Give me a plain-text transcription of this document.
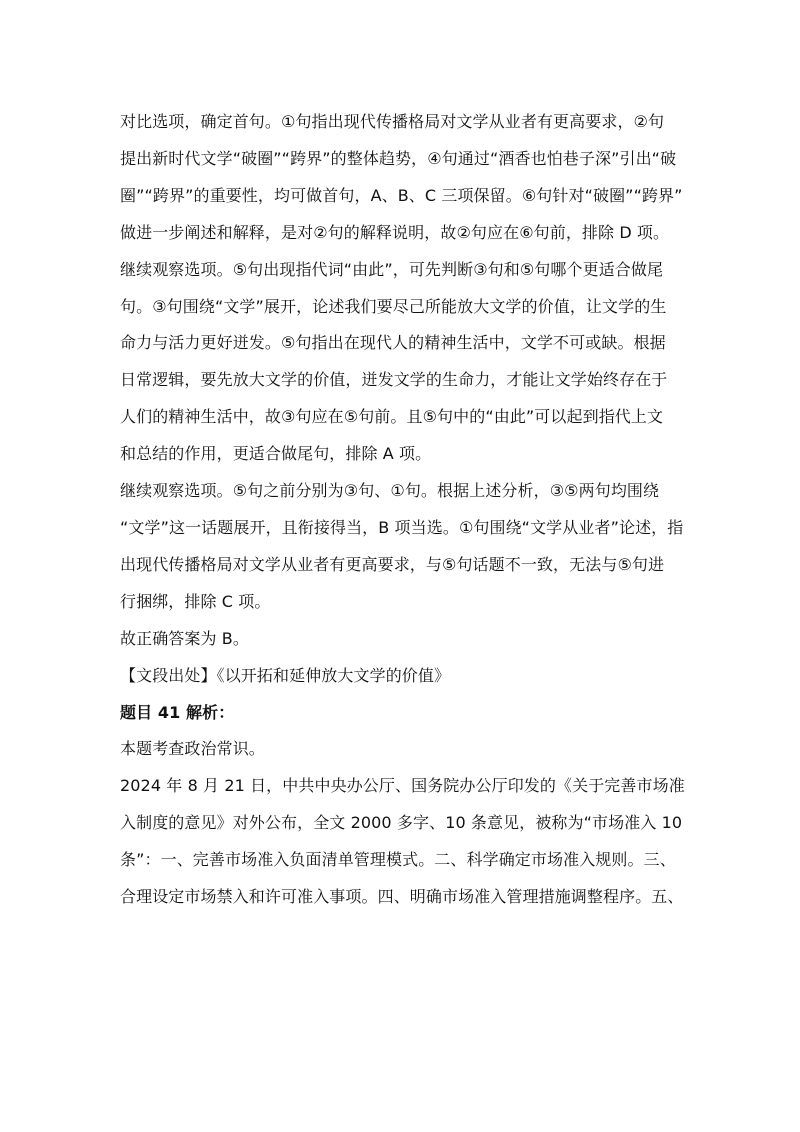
对比选项，确定首句。①句指出现代传播格局对文学从业者有更高要求，②句
提出新时代文学“破圈”“跨界”的整体趋势，④句通过“酒香也怕巷子深”引出“破
圈”“跨界”的重要性，均可做首句，A、B、C 三项保留。⑥句针对“破圈”“跨界”
做进一步阐述和解释，是对②句的解释说明，故②句应在⑥句前，排除 D 项。
继续观察选项。⑤句出现指代词“由此”，可先判断③句和⑤句哪个更适合做尾
句。③句围绕“文学”展开，论述我们要尽己所能放大文学的价值，让文学的生
命力与活力更好迸发。⑤句指出在现代人的精神生活中，文学不可或缺。根据
日常逻辑，要先放大文学的价值，迸发文学的生命力，才能让文学始终存在于
人们的精神生活中，故③句应在⑤句前。且⑤句中的“由此”可以起到指代上文
和总结的作用，更适合做尾句，排除 A 项。
继续观察选项。⑤句之前分别为③句、①句。根据上述分析，③⑤两句均围绕
“文学”这一话题展开，且衔接得当，B 项当选。①句围绕“文学从业者”论述，指
出现代传播格局对文学从业者有更高要求，与⑤句话题不一致，无法与⑤句进
行捆绑，排除 C 项。
故正确答案为 B。
【文段出处】《以开拓和延伸放大文学的价值》
题目 41 解析：
本题考查政治常识。
2024 年 8 月 21 日，中共中央办公厅、国务院办公厅印发的《关于完善市场准
入制度的意见》对外公布，全文 2000 多字、10 条意见，被称为“市场准入 10
条”：一、完善市场准入负面清单管理模式。二、科学确定市场准入规则。三、
合理设定市场禁入和许可准入事项。四、明确市场准入管理措施调整程序。五、
